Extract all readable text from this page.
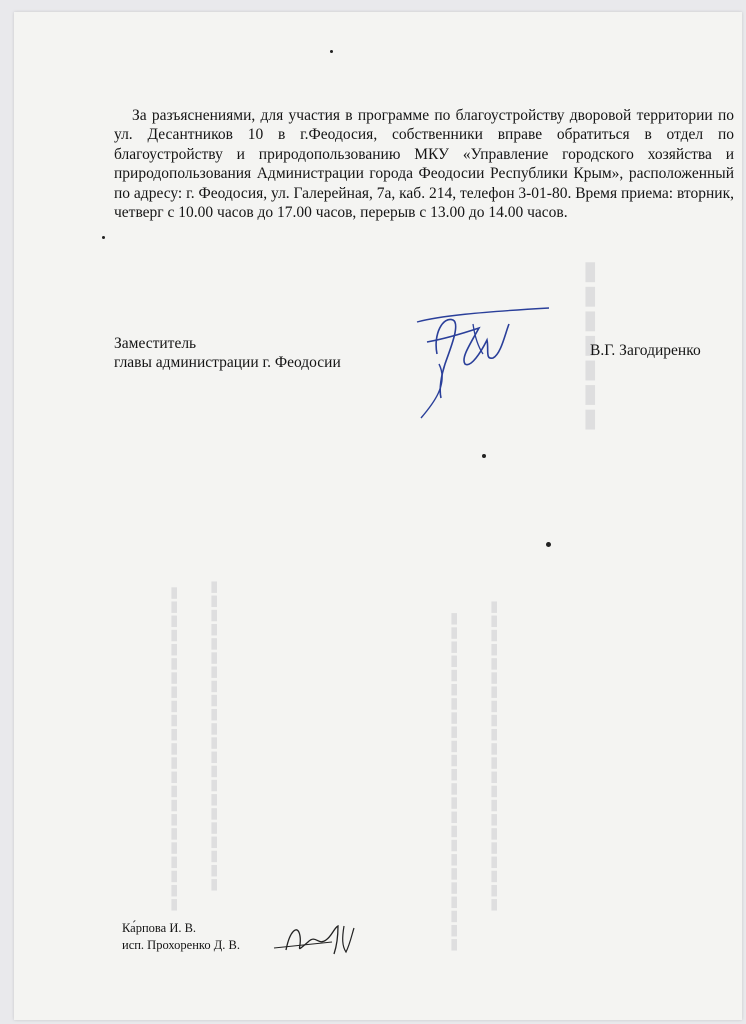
▬▬▬▬▬▬▬▬▬▬▬▬▬▬▬▬▬▬▬▬▬▬▬ ▬▬▬▬▬▬▬▬▬▬▬▬▬▬▬▬▬▬▬▬▬▬	▬▬▬▬▬▬▬▬▬▬▬▬▬▬▬▬▬▬▬▬▬▬▬▬ ▬▬▬▬▬▬▬▬▬▬▬▬▬▬▬▬▬▬▬▬▬▬
▬▬▬▬▬▬▬

За разъяснениями, для участия в программе по благоустройству дворовой территории по ул. Десантников 10 в г.Феодосия, собственники вправе обратиться в отдел по благоустройству и природопользованию МКУ «Управление городского хозяйства и природопользования Администрации города Феодосии Республики Крым», расположенный по адресу: г. Феодосия, ул. Галерейная, 7а, каб. 214, телефон 3-01-80. Время приема: вторник, четверг с 10.00 часов до 17.00 часов, перерыв с 13.00 до 14.00 часов.

Заместитель
главы администрации г. Феодосии
В.Г. Загодиренко
Ка́рпова И. В.
исп. Прохоренко Д. В.
